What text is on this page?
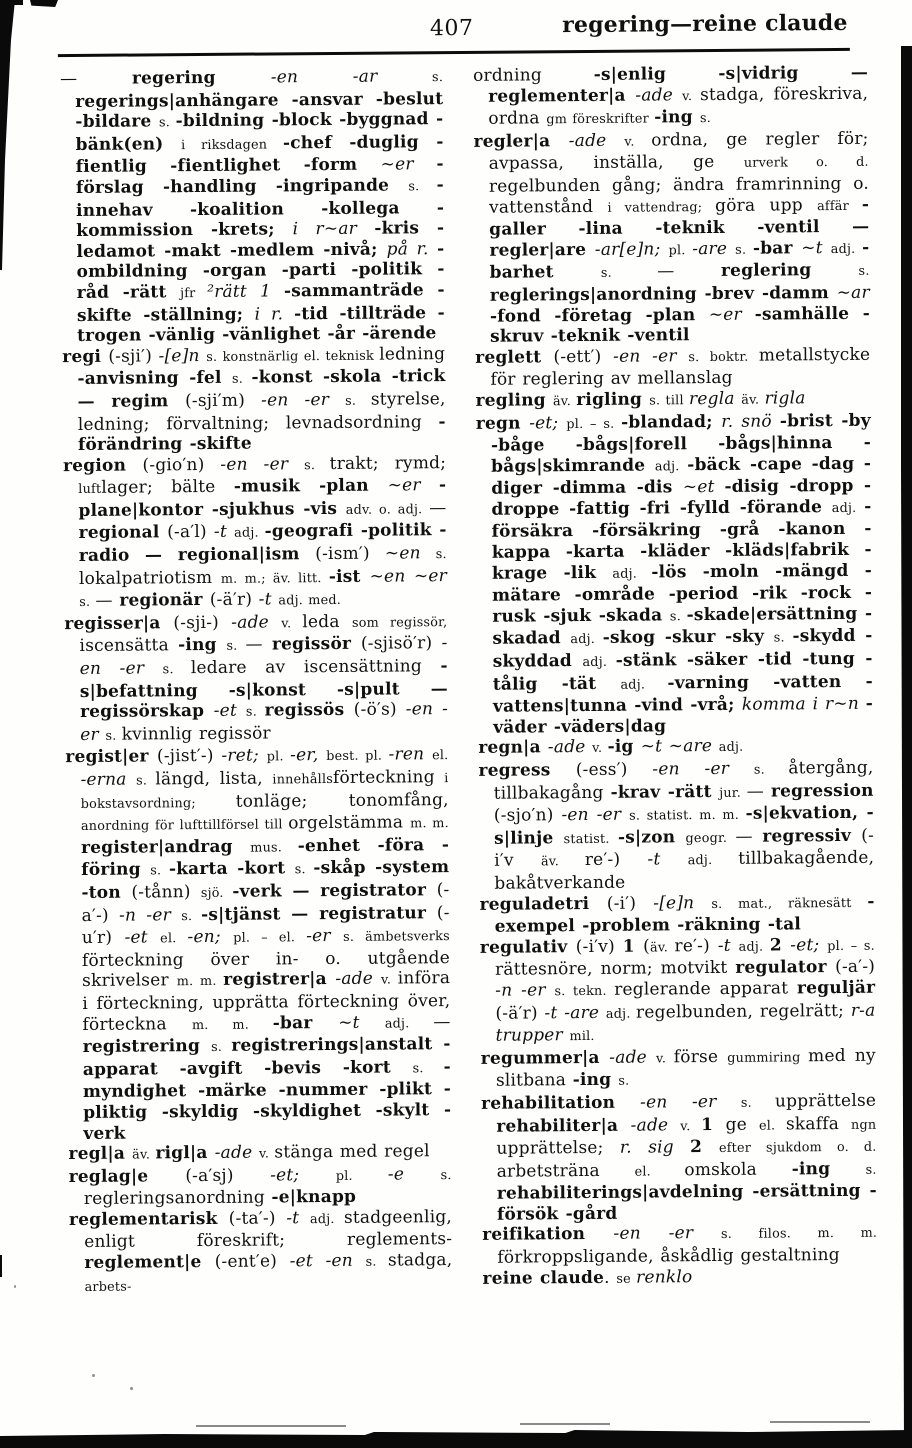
407	regering—reine claude

— regering -en -ar s. regerings|anhängare -ansvar -beslut -bildare s. -bildning -block -byggnad -bänk(en) i riksdagen -chef -duglig -fientlig -fientlighet -form ~er -förslag -handling -ingripande s. -innehav -koalition -kollega -kommission -krets; i r~ar -kris -ledamot -makt -medlem -nivå; på r. -ombildning -organ -parti -politik -råd -rätt jfr ²rätt 1 -sammanträde -skifte -ställning; i r. -tid -tillträde -trogen -vänlig -vänlighet -år -ärende

regi (-sji′) -[e]n s. konstnärlig el. teknisk ledning -anvisning -fel s. -konst -skola -trick — regim (-sji′m) -en -er s. styrelse, ledning; förvaltning; levnadsordning -förändring -skifte

region (-gio′n) -en -er s. trakt; rymd; luftlager; bälte -musik -plan ~er -plane|kontor -sjukhus -vis adv. o. adj. — regional (-a′l) -t adj. -geografi -politik -radio — regional|ism (-ism′) ~en s. lokalpatriotism m. m.; äv. litt. -ist ~en ~er s. — regionär (-ä′r) -t adj. med.

regisser|a (-sji-) -ade v. leda som regissör, iscensätta -ing s. — regissör (-sjisö′r) -en -er s. ledare av iscensättning -s|befattning -s|konst -s|pult — regissörskap -et s. regissös (-ö′s) -en -er s. kvinnlig regissör

regist|er (-jist′-) -ret; pl. -er, best. pl. -ren el. -erna s. längd, lista, innehållsförteckning i bokstavsordning; tonläge; tonomfång, anordning för lufttillförsel till orgelstämma m. m. register|andrag mus. -enhet -föra -föring s. -karta -kort s. -skåp -system -ton (-tånn) sjö. -verk — registrator (-a′-) -n -er s. -s|tjänst — registratur (-u′r) -et el. -en; pl. – el. -er s. ämbetsverks förteckning över in- o. utgående skrivelser m. m. registrer|a -ade v. införa i förteckning, upprätta förteckning över, förteckna m. m. -bar ~t adj. — registrering s. registrerings|anstalt -apparat -avgift -bevis -kort s. -myndighet -märke -nummer -plikt -pliktig -skyldig -skyldighet -skylt -verk

regl|a äv. rigl|a -ade v. stänga med regel

reglag|e (-a′sj) -et; pl. -e s. regleringsanordning -e|knapp

reglementarisk (-ta′-) -t adj. stadgeenlig, enligt föreskrift; reglements- reglement|e (-ent′e) -et -en s. stadga, arbets-

ordning -s|enlig -s|vidrig — reglementer|a -ade v. stadga, föreskriva, ordna gm föreskrifter -ing s.

regler|a -ade v. ordna, ge regler för; avpassa, inställa, ge urverk o. d. regelbunden gång; ändra framrinning o. vattenstånd i vattendrag; göra upp affär -galler -lina -teknik -ventil — regler|are -ar[e]n; pl. -are s. -bar ~t adj. -barhet s. — reglering s. reglerings|anordning -brev -damm ~ar -fond -företag -plan ~er -samhälle -skruv -teknik -ventil

reglett (-ett′) -en -er s. boktr. metallstycke för reglering av mellanslag

regling äv. rigling s. till regla äv. rigla

regn -et; pl. – s. -blandad; r. snö -brist -by -båge -bågs|forell -bågs|hinna -bågs|skimrande adj. -bäck -cape -dag -diger -dimma -dis ~et -disig -dropp -droppe -fattig -fri -fylld -förande adj. -försäkra -försäkring -grå -kanon -kappa -karta -kläder -kläds|fabrik -krage -lik adj. -lös -moln -mängd -mätare -område -period -rik -rock -rusk -sjuk -skada s. -skade|ersättning -skadad adj. -skog -skur -sky s. -skydd -skyddad adj. -stänk -säker -tid -tung -tålig -tät adj. -varning -vatten -vattens|tunna -vind -vrå; komma i r~n -väder -väders|dag

regn|a -ade v. -ig ~t ~are adj.

regress (-ess′) -en -er s. återgång, tillbakagång -krav -rätt jur. — regression (-sjo′n) -en -er s. statist. m. m. -s|ekvation, -s|linje statist. -s|zon geogr. — regressiv (-i′v äv. re′-) -t adj. tillbakagående, bakåtverkande

reguladetri (-i′) -[e]n s. mat., räknesätt -exempel -problem -räkning -tal

regulativ (-i′v) 1 (äv. re′-) -t adj. 2 -et; pl. – s. rättesnöre, norm; motvikt regulator (-a′-) -n -er s. tekn. reglerande apparat reguljär (-ä′r) -t -are adj. regelbunden, regelrätt; r-a trupper mil.

regummer|a -ade v. förse gummiring med ny slitbana -ing s.

rehabilitation -en -er s. upprättelse rehabiliter|a -ade v. 1 ge el. skaffa ngn upprättelse; r. sig 2 efter sjukdom o. d. arbetsträna el. omskola -ing s. rehabiliterings|avdelning -ersättning -försök -gård

reifikation -en -er s. filos. m. m. förkroppsligande, åskådlig gestaltning

reine claude. se renklo
